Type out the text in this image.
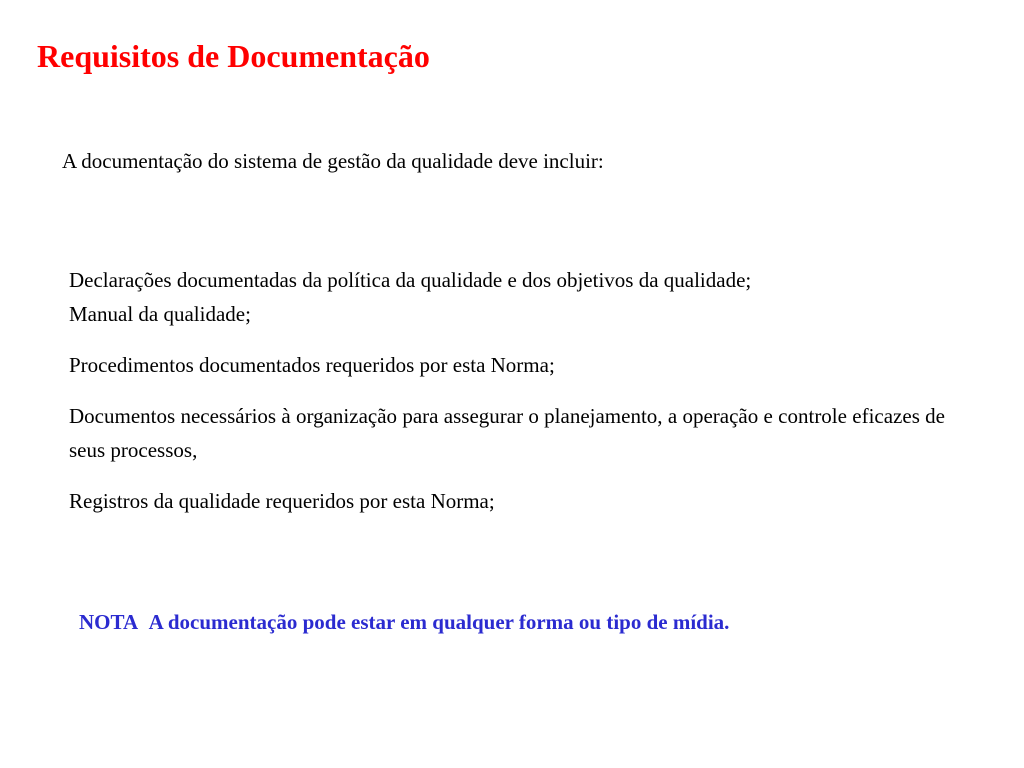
Requisitos de Documentação

A documentação do sistema de gestão da qualidade deve incluir:

Declarações documentadas da política da qualidade e dos objetivos da qualidade;
Manual da qualidade;
Procedimentos documentados requeridos por esta Norma;
Documentos necessários à organização para assegurar o planejamento, a operação e controle eficazes de seus processos,
Registros da qualidade requeridos por esta Norma;

NOTA A documentação pode estar em qualquer forma ou tipo de mídia.
